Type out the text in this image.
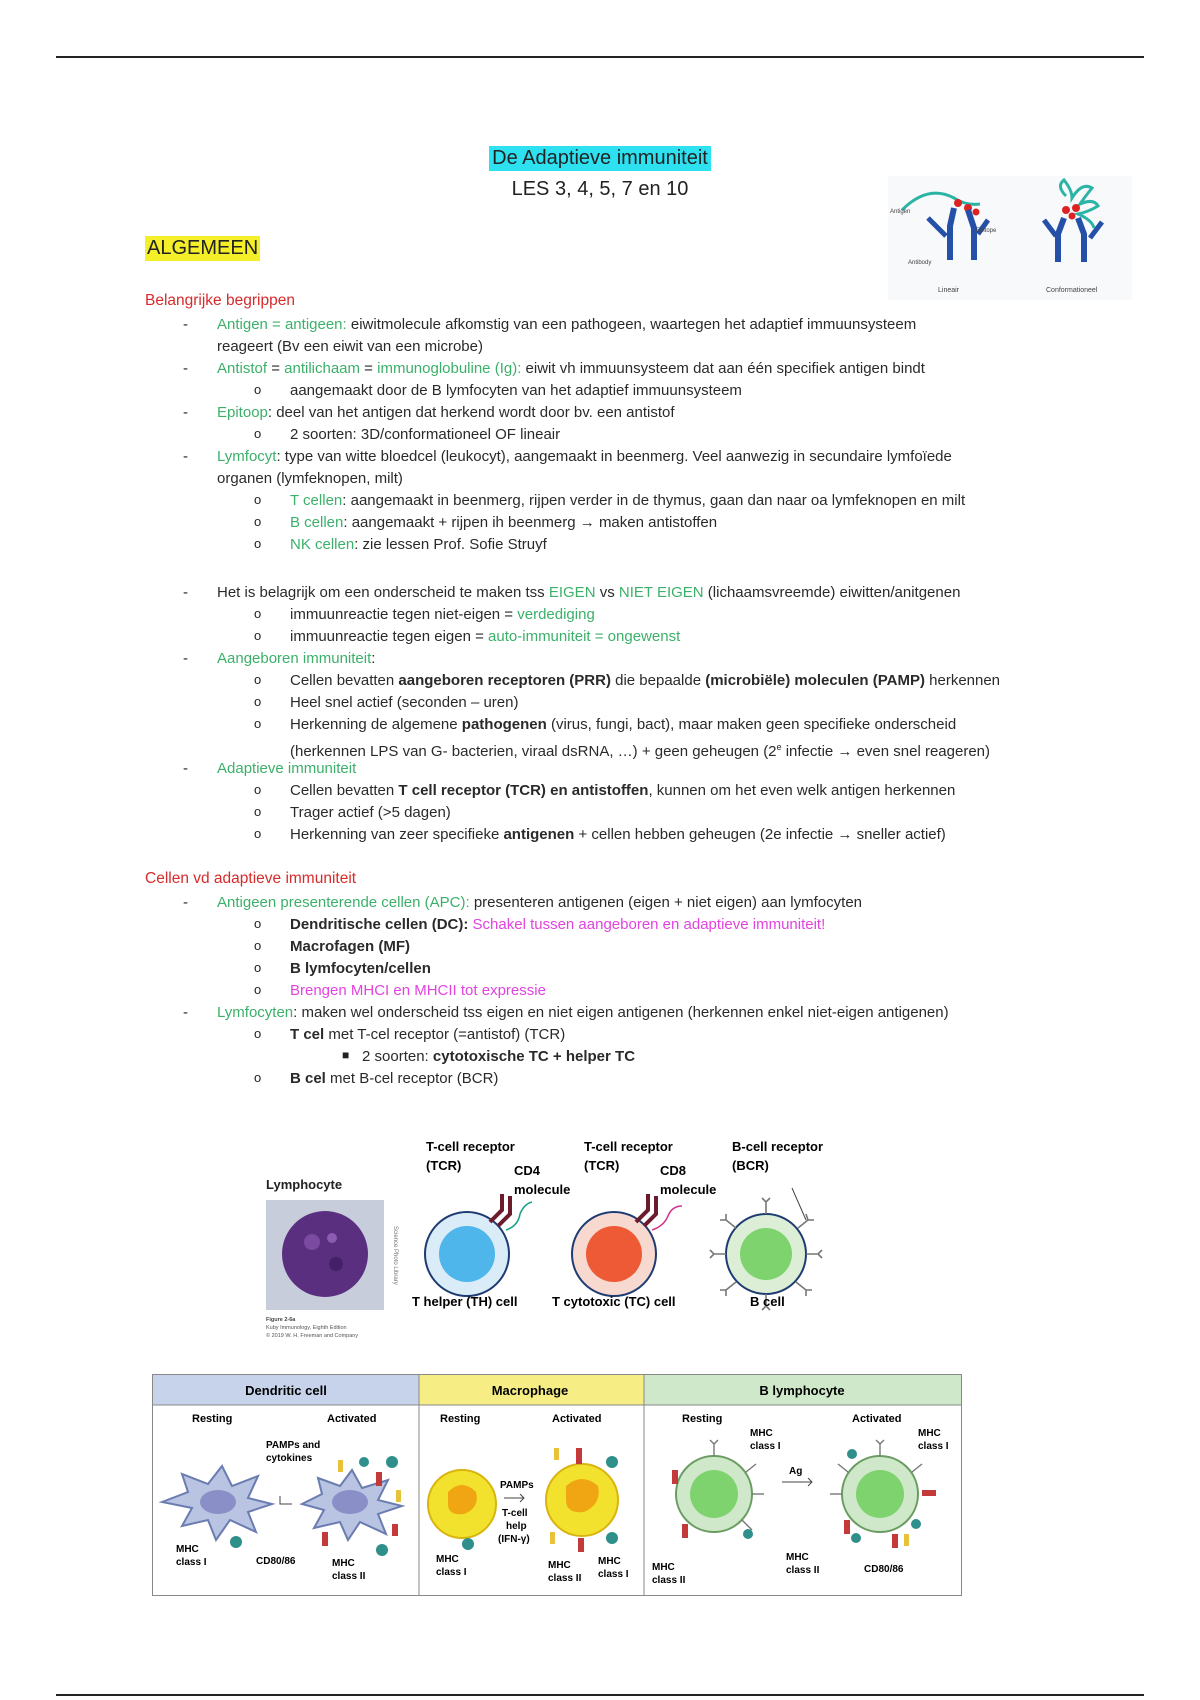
De Adaptieve immuniteit
LES 3, 4, 5, 7 en 10
Antigen
Epitope
Antibody
Lineair	Conformationeel
ALGEMEEN
Belangrijke begrippen
- Antigen = antigeen: eiwitmolecule afkomstig van een pathogeen, waartegen het adaptief immuunsysteem
reageert (Bv een eiwit van een microbe)
- Antistof = antilichaam = immunoglobuline (Ig): eiwit vh immuunsysteem dat aan één specifiek antigen bindt
o aangemaakt door de B lymfocyten van het adaptief immuunsysteem
- Epitoop: deel van het antigen dat herkend wordt door bv. een antistof
o 2 soorten: 3D/conformationeel OF lineair
- Lymfocyt: type van witte bloedcel (leukocyt), aangemaakt in beenmerg. Veel aanwezig in secundaire lymfoïede
organen (lymfeknopen, milt)
o T cellen: aangemaakt in beenmerg, rijpen verder in de thymus, gaan dan naar oa lymfeknopen en milt
o B cellen: aangemaakt + rijpen ih beenmerg → maken antistoffen
o NK cellen: zie lessen Prof. Sofie Struyf
- Het is belagrijk om een onderscheid te maken tss EIGEN vs NIET EIGEN (lichaamsvreemde) eiwitten/anitgenen
o immuunreactie tegen niet-eigen = verdediging
o immuunreactie tegen eigen = auto-immuniteit = ongewenst
- Aangeboren immuniteit:
o Cellen bevatten aangeboren receptoren (PRR) die bepaalde (microbiële) moleculen (PAMP) herkennen
o Heel snel actief (seconden – uren)
o Herkenning de algemene pathogenen (virus, fungi, bact), maar maken geen specifieke onderscheid
(herkennen LPS van G- bacterien, viraal dsRNA, …) + geen geheugen (2e infectie → even snel reageren)
- Adaptieve immuniteit
o Cellen bevatten T cell receptor (TCR) en antistoffen, kunnen om het even welk antigen herkennen
o Trager actief (>5 dagen)
o Herkenning van zeer specifieke antigenen + cellen hebben geheugen (2e infectie → sneller actief)
Cellen vd adaptieve immuniteit
- Antigeen presenterende cellen (APC): presenteren antigenen (eigen + niet eigen) aan lymfocyten
o Dendritische cellen (DC): Schakel tussen aangeboren en adaptieve immuniteit!
o Macrofagen (MF)
o B lymfocyten/cellen
o Brengen MHCI en MHCII tot expressie
- Lymfocyten: maken wel onderscheid tss eigen en niet eigen antigenen (herkennen enkel niet-eigen antigenen)
o T cel met T-cel receptor (=antistof) (TCR)
■ 2 soorten: cytotoxische TC + helper TC
o B cel met B-cel receptor (BCR)
Lymphocyte
Science Photo Library
Figure 2-6a
Kuby Immunology, Eighth Edition
© 2019 W. H. Freeman and Company
T-cell receptor
(TCR)	CD4
molecule
T helper (TH) cell
T-cell receptor
(TCR)	CD8
molecule
T cytotoxic (TC) cell
B-cell receptor
(BCR)
B cell
Dendritic cell	Macrophage	B lymphocyte
Resting	Activated
PAMPs and
cytokines
MHC
class I	CD80/86	MHC
class II
Resting	Activated
PAMPs
T-cell
help
(IFN-γ)
MHC
class I
MHC
class II
MHC
class I
Resting	Activated
Ag
MHC
class I
MHC
class I
MHC
class II
MHC
class II	CD80/86
